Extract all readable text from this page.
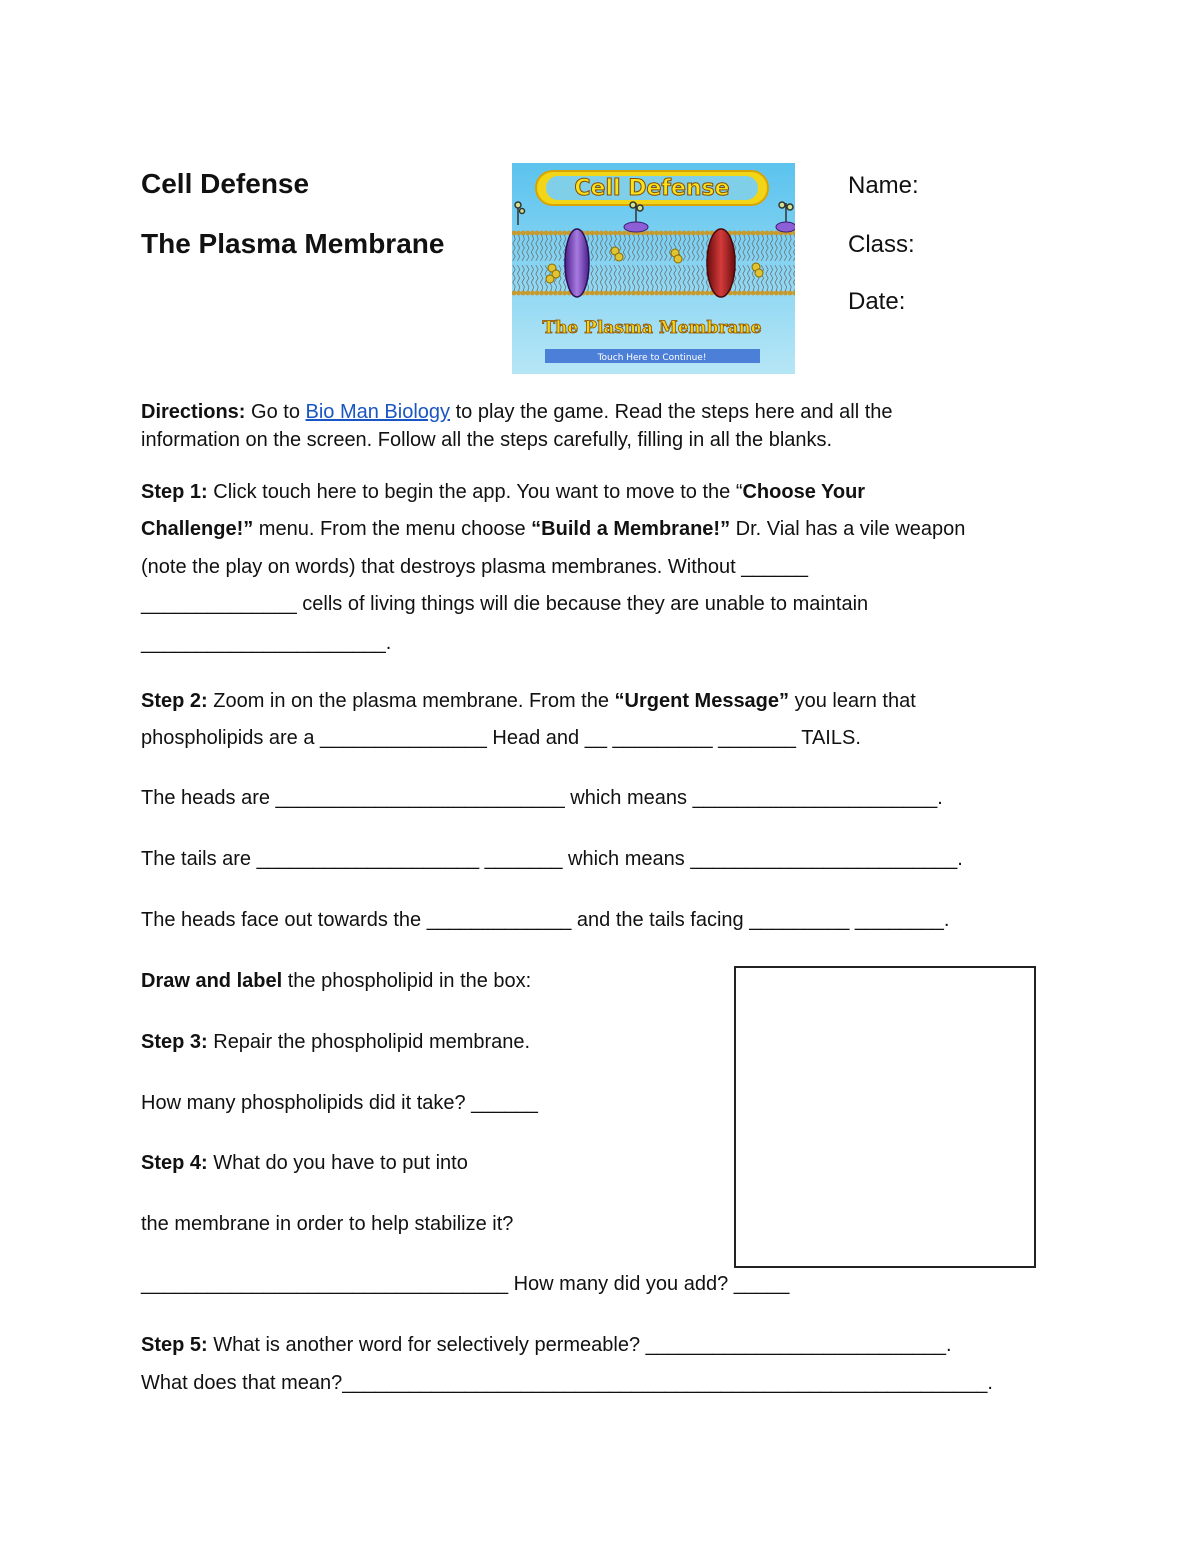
Cell Defense
The Plasma Membrane
Name:
Class:
Date:
Cell Defense
The Plasma Membrane
Touch Here to Continue!
Directions: Go to Bio Man Biology to play the game. Read the steps here and all the
information on the screen. Follow all the steps carefully, filling in all the blanks.
Step 1: Click touch here to begin the app. You want to move to the “Choose Your
Challenge!” menu. From the menu choose “Build a Membrane!” Dr. Vial has a vile weapon
(note the play on words) that destroys plasma membranes. Without ______
______________ cells of living things will die because they are unable to maintain
______________________.
Step 2: Zoom in on the plasma membrane. From the “Urgent Message” you learn that
phospholipids are a _______________ Head and __ _________ _______ TAILS.
The heads are __________________________ which means ______________________.
The tails are ____________________ _______ which means ________________________.
The heads face out towards the _____________ and the tails facing _________ ________.
Draw and label the phospholipid in the box:
Step 3: Repair the phospholipid membrane.
How many phospholipids did it take? ______
Step 4: What do you have to put into
the membrane in order to help stabilize it?
_________________________________ How many did you add? _____
Step 5: What is another word for selectively permeable? ___________________________.
What does that mean?__________________________________________________________.
